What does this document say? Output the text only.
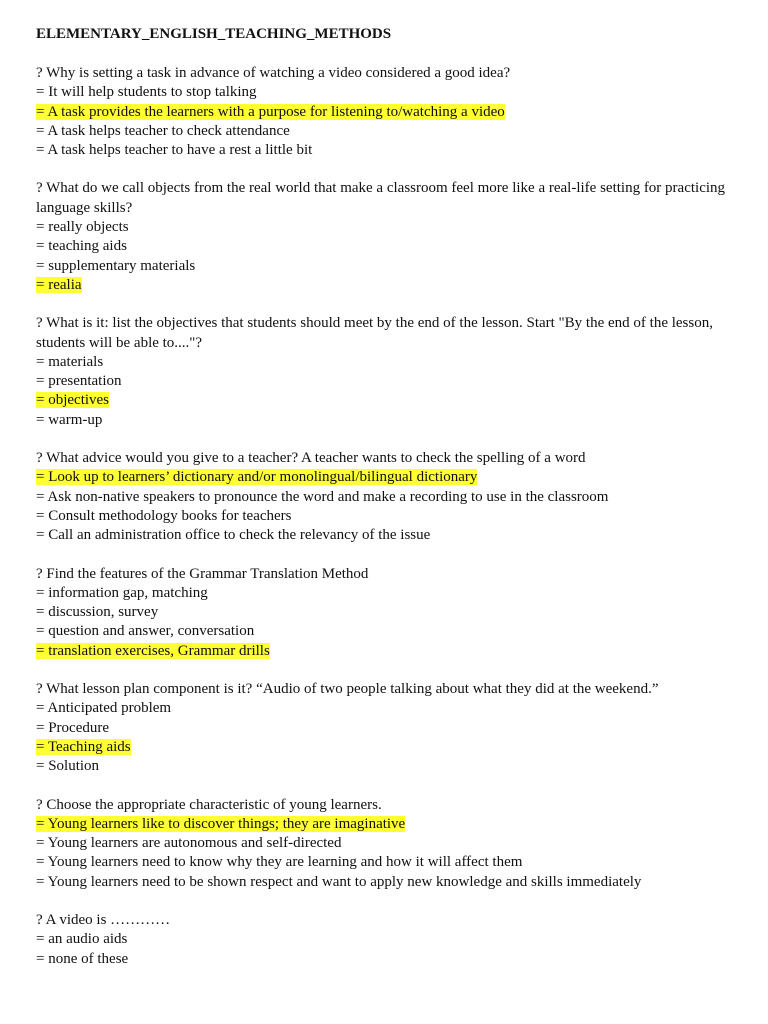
ELEMENTARY_ENGLISH_TEACHING_METHODS

? Why is setting a task in advance of watching a video considered a good idea?

= It will help students to stop talking

= A task provides the learners with a purpose for listening to/watching a video

= A task helps teacher to check attendance

= A task helps teacher to have a rest a little bit

? What do we call objects from the real world that make a classroom feel more like a real-life setting for practicing language skills?

= really objects

= teaching aids

= supplementary materials

= realia

? What is it: list the objectives that students should meet by the end of the lesson. Start "By the end of the lesson, students will be able to...."?

= materials

= presentation

= objectives

= warm-up

? What advice would you give to a teacher? A teacher wants to check the spelling of a word

= Look up to learners’ dictionary and/or monolingual/bilingual dictionary

= Ask non-native speakers to pronounce the word and make a recording to use in the classroom

= Consult methodology books for teachers

= Call an administration office to check the relevancy of the issue

? Find the features of the Grammar Translation Method

= information gap, matching

= discussion, survey

= question and answer, conversation

= translation exercises, Grammar drills

? What lesson plan component is it? “Audio of two people talking about what they did at the weekend.”

= Anticipated problem

= Procedure

= Teaching aids

= Solution

? Choose the appropriate characteristic of young learners.

= Young learners like to discover things; they are imaginative

= Young learners are autonomous and self-directed

= Young learners need to know why they are learning and how it will affect them

= Young learners need to be shown respect and want to apply new knowledge and skills immediately

? A video is …………

= an audio aids

= none of these
